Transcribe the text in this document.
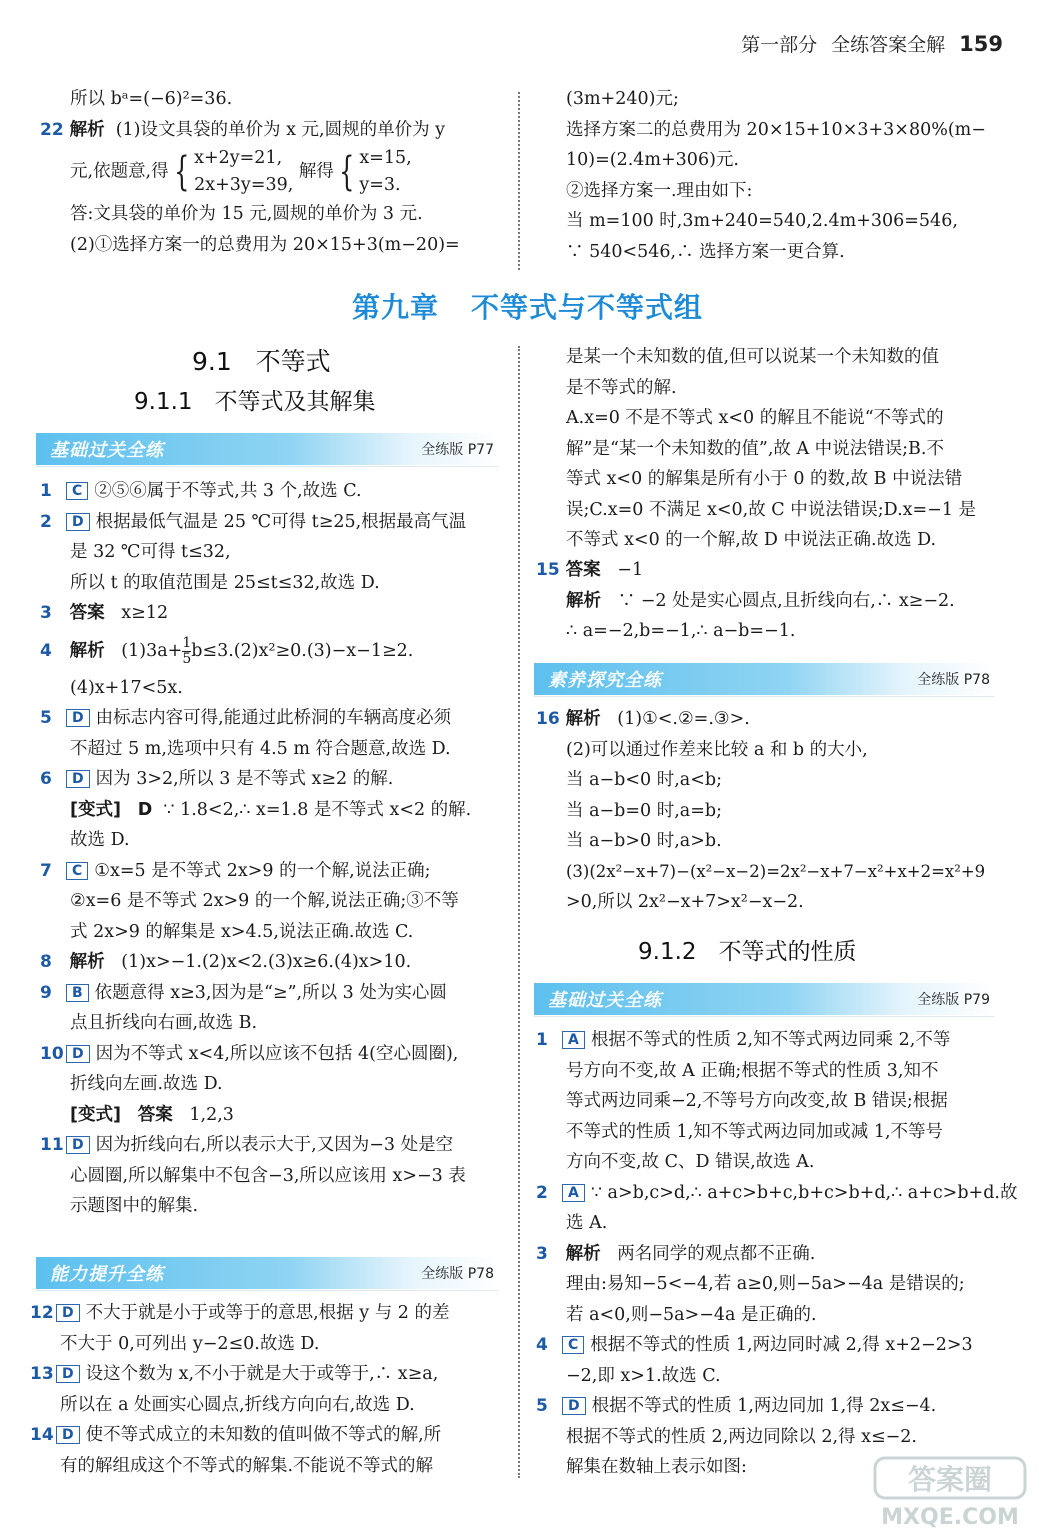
第一部分 全练答案全解 159
所以 bᵃ=(−6)²=36.
22 解析 (1)设文具袋的单价为 x 元,圆规的单价为 y
元,依题意,得 { x+2y=21,
2x+3y=39,
解得 { x=15,
y=3.
答:文具袋的单价为 15 元,圆规的单价为 3 元.
(2)①选择方案一的总费用为 20×15+3(m−20)=
(3m+240)元;
选择方案二的总费用为 20×15+10×3+3×80%(m−
10)=(2.4m+306)元.
②选择方案一.理由如下:
当 m=100 时,3m+240=540,2.4m+306=546,
∵ 540<546,∴ 选择方案一更合算.
第九章 不等式与不等式组
9.1 不等式
9.1.1 不等式及其解集
基础过关全练	全练版 P77
1 C ②⑤⑥属于不等式,共 3 个,故选 C.
2 D 根据最低气温是 25 ℃可得 t≥25,根据最高气温
是 32 ℃可得 t≤32,
所以 t 的取值范围是 25≤t≤32,故选 D.
3 答案 x≥12
4 解析 $(1)3a+ \frac{1}{5} b\le 3.(2)x^2\ge 0.(3)-x-1\ge 2$.
(4)x+17<5x.
5 D 由标志内容可得,能通过此桥洞的车辆高度必须
不超过 5 m,选项中只有 4.5 m 符合题意,故选 D.
6 D 因为 3>2,所以 3 是不等式 x≥2 的解.
[变式] D ∵ 1.8<2,∴ x=1.8 是不等式 x<2 的解.
故选 D.
7 C ①x=5 是不等式 2x>9 的一个解,说法正确;
②x=6 是不等式 2x>9 的一个解,说法正确;③不等
式 2x>9 的解集是 x>4.5,说法正确.故选 C.
8 解析 (1)x>−1.(2)x<2.(3)x≥6.(4)x>10.
9 B 依题意得 x≥3,因为是“≥”,所以 3 处为实心圆
点且折线向右画,故选 B.
10 D 因为不等式 x<4,所以应该不包括 4(空心圆圈),
折线向左画.故选 D.
[变式] 答案 1,2,3
11 D 因为折线向右,所以表示大于,又因为−3 处是空
心圆圈,所以解集中不包含−3,所以应该用 x>−3 表
示题图中的解集.
能力提升全练	全练版 P78
12 D 不大于就是小于或等于的意思,根据 y 与 2 的差
不大于 0,可列出 y−2≤0.故选 D.
13 D 设这个数为 x,不小于就是大于或等于,∴ x≥a,
所以在 a 处画实心圆点,折线方向向右,故选 D.
14 D 使不等式成立的未知数的值叫做不等式的解,所
有的解组成这个不等式的解集.不能说不等式的解
是某一个未知数的值,但可以说某一个未知数的值
是不等式的解.
A.x=0 不是不等式 x<0 的解且不能说“不等式的
解”是“某一个未知数的值”,故 A 中说法错误;B.不
等式 x<0 的解集是所有小于 0 的数,故 B 中说法错
误;C.x=0 不满足 x<0,故 C 中说法错误;D.x=−1 是
不等式 x<0 的一个解,故 D 中说法正确.故选 D.
15 答案 −1
解析 ∵ −2 处是实心圆点,且折线向右,∴ x≥−2.
∴ a=−2,b=−1,∴ a−b=−1.
素养探究全练	全练版 P78
16 解析 (1)①<.②=.③>.
(2)可以通过作差来比较 a 和 b 的大小,
当 a−b<0 时,a<b;
当 a−b=0 时,a=b;
当 a−b>0 时,a>b.
(3)(2x²−x+7)−(x²−x−2)=2x²−x+7−x²+x+2=x²+9
>0,所以 2x²−x+7>x²−x−2.
9.1.2 不等式的性质
基础过关全练	全练版 P79
1 A 根据不等式的性质 2,知不等式两边同乘 2,不等
号方向不变,故 A 正确;根据不等式的性质 3,知不
等式两边同乘−2,不等号方向改变,故 B 错误;根据
不等式的性质 1,知不等式两边同加或减 1,不等号
方向不变,故 C、D 错误,故选 A.
2 A ∵ a>b,c>d,∴ a+c>b+c,b+c>b+d,∴ a+c>b+d.故
选 A.
3 解析 两名同学的观点都不正确.
理由:易知−5<−4,若 a≥0,则−5a>−4a 是错误的;
若 a<0,则−5a>−4a 是正确的.
4 C 根据不等式的性质 1,两边同时减 2,得 x+2−2>3
−2,即 x>1.故选 C.
5 D 根据不等式的性质 1,两边同加 1,得 2x≤−4.
根据不等式的性质 2,两边同除以 2,得 x≤−2.
解集在数轴上表示如图:	答案圈
MXQE.COM
